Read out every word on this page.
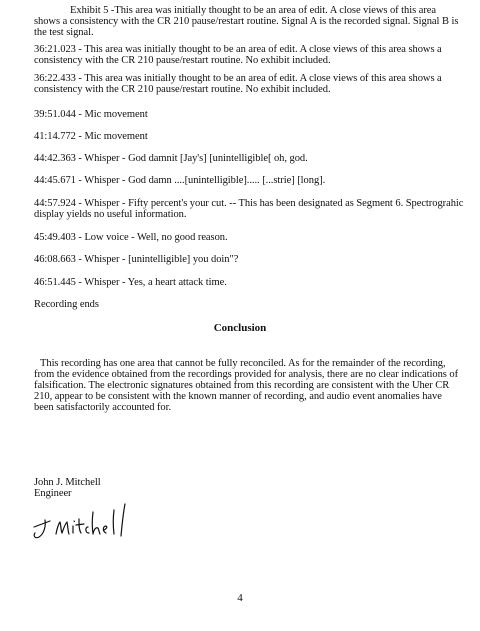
Exhibit 5 -This area was initially thought to be an area of edit. A close views of this area shows a consistency with the CR 210 pause/restart routine. Signal A is the recorded signal. Signal B is the test signal.
36:21.023 - This area was initially thought to be an area of edit. A close views of this area shows a consistency with the CR 210 pause/restart routine. No exhibit included.
36:22.433 - This area was initially thought to be an area of edit. A close views of this area shows a consistency with the CR 210 pause/restart routine. No exhibit included.
39:51.044 - Mic movement
41:14.772 - Mic movement
44:42.363 - Whisper - God damnit [Jay's] [unintelligible[ oh, god.
44:45.671 - Whisper - God damn ....[unintelligible]..... [...strie] [long].
44:57.924 - Whisper - Fifty percent's your cut. -- This has been designated as Segment 6. Spectrograhic display yields no useful information.
45:49.403 - Low voice - Well, no good reason.
46:08.663 - Whisper - [unintelligible] you doin"?
46:51.445 - Whisper - Yes, a heart attack time.
Recording ends
Conclusion
This recording has one area that cannot be fully reconciled. As for the remainder of the recording, from the evidence obtained from the recordings provided for analysis, there are no clear indications of falsification. The electronic signatures obtained from this recording are consistent with the Uher CR 210, appear to be consistent with the known manner of recording, and audio event anomalies have been satisfactorily accounted for.
John J. Mitchell
Engineer
4
